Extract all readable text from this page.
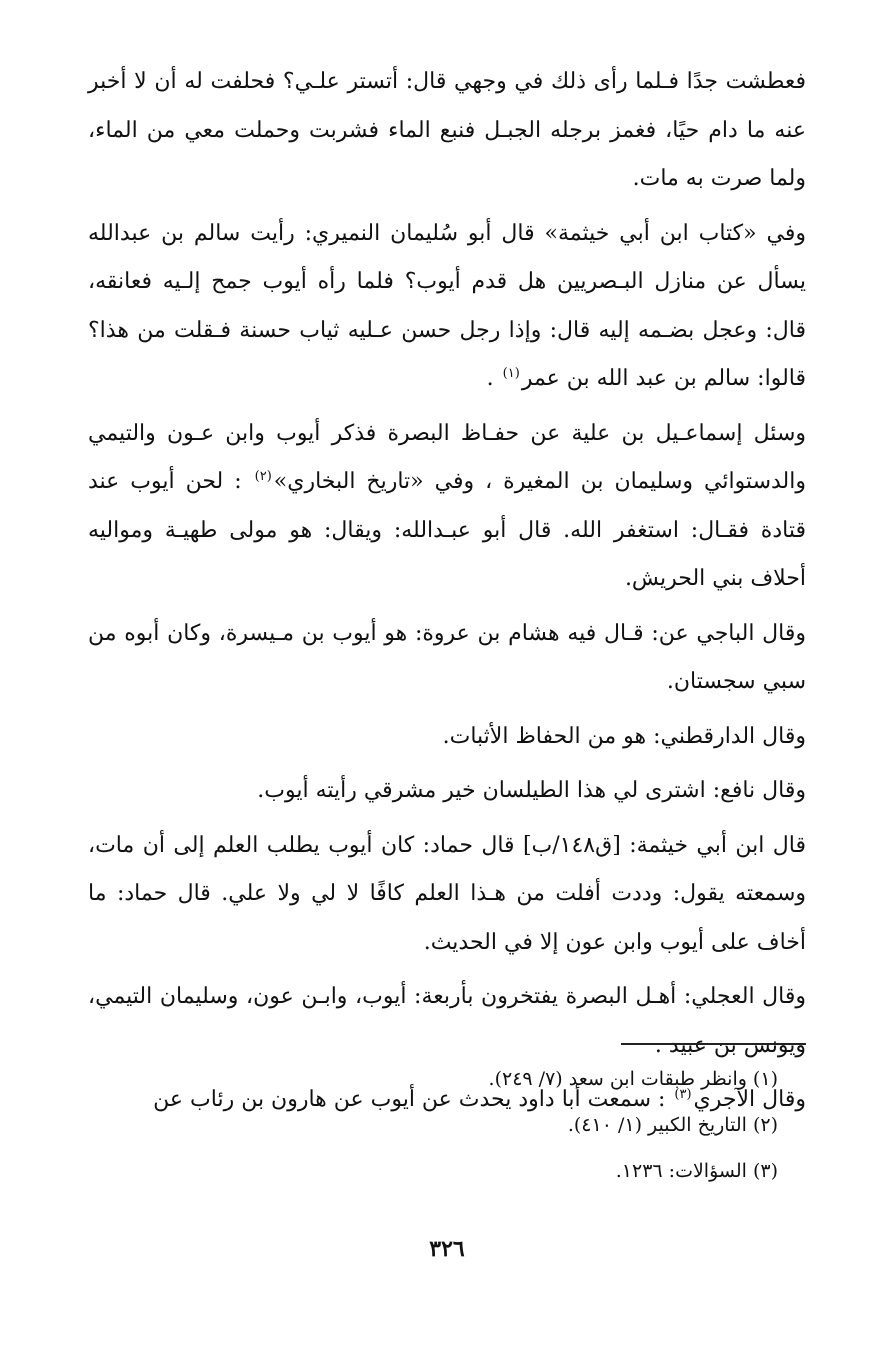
فعطشت جدًا فـلما رأى ذلك في وجهي قال: أتستر علـي؟ فحلفت له أن لا أخبر عنه ما دام حيًا، فغمز برجله الجبـل فنبع الماء فشربت وحملت معي من الماء، ولما صرت به مات.

وفي «كتاب ابن أبي خيثمة» قال أبو سُليمان النميري: رأيت سالم بن عبدالله يسأل عن منازل البـصريين هل قدم أيوب؟ فلما رأه أيوب جمح إلـيه فعانقه، قال: وعجل بضـمه إليه قال: وإذا رجل حسن عـليه ثياب حسنة فـقلت من هذا؟ قالوا: سالم بن عبد الله بن عمر$^{(١)}$ .

وسئل إسماعـيل بن علية عن حفـاظ البصرة فذكر أيوب وابن عـون والتيمي والدستوائي وسليمان بن المغيرة ، وفي «تاريخ البخاري»$^{(٢)}$ : لحن أيوب عند قتادة فقـال: استغفر الله. قال أبو عبـدالله: ويقال: هو مولى طهيـة ومواليه أحلاف بني الحريش.

وقال الباجي عن: قـال فيه هشام بن عروة: هو أيوب بن مـيسرة، وكان أبوه من سبي سجستان.

وقال الدارقطني: هو من الحفاظ الأثبات.

وقال نافع: اشترى لي هذا الطيلسان خير مشرقي رأيته أيوب.

قال ابن أبي خيثمة: [ق١٤٨/ب] قال حماد: كان أيوب يطلب العلم إلى أن مات، وسمعته يقول: وددت أفلت من هـذا العلم كافًا لا لي ولا علي. قال حماد: ما أخاف على أيوب وابن عون إلا في الحديث.

وقال العجلي: أهـل البصرة يفتخرون بأربعة: أيوب، وابـن عون، وسليمان التيمي، ويونس بن عبيد .

وقال الآجري$^{(٣)}$ : سمعت أبا داود يحدث عن أيوب عن هارون بن رئاب عن

(١) وانظر طبقات ابن سعد (٧/ ٢٤٩).
(٢) التاريخ الكبير (١/ ٤١٠).
(٣) السؤالات: ١٢٣٦.
٣٢٦
